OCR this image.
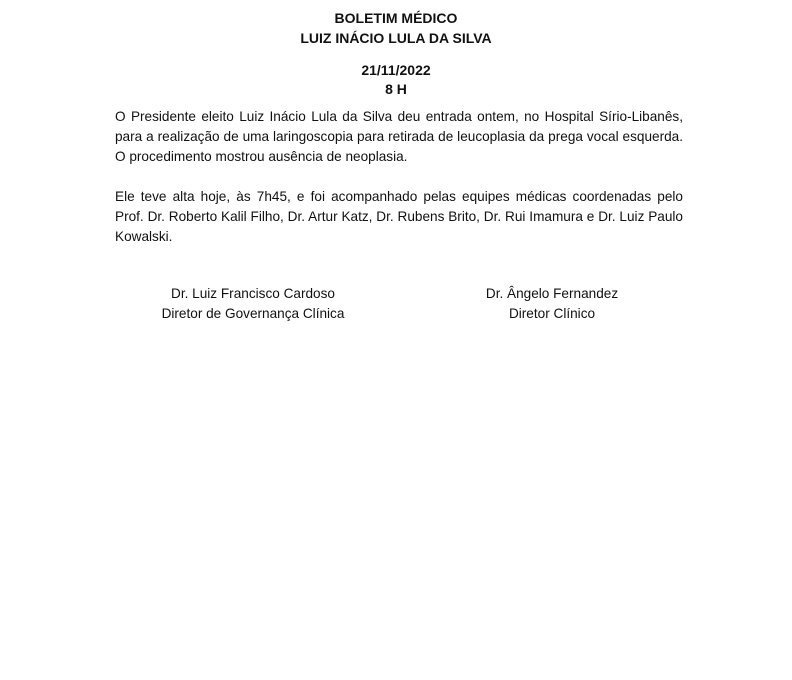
BOLETIM MÉDICO
LUIZ INÁCIO LULA DA SILVA
21/11/2022
8 H

O Presidente eleito Luiz Inácio Lula da Silva deu entrada ontem, no Hospital Sírio-Libanês, para a realização de uma laringoscopia para retirada de leucoplasia da prega vocal esquerda. O procedimento mostrou ausência de neoplasia.

Ele teve alta hoje, às 7h45, e foi acompanhado pelas equipes médicas coordenadas pelo Prof. Dr. Roberto Kalil Filho, Dr. Artur Katz, Dr. Rubens Brito, Dr. Rui Imamura e Dr. Luiz Paulo Kowalski.

Dr. Luiz Francisco Cardoso
Diretor de Governança Clínica
Dr. Ângelo Fernandez
Diretor Clínico
